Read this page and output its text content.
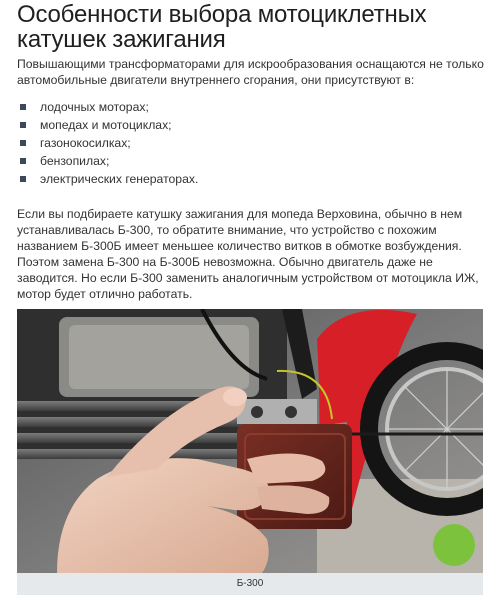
Особенности выбора мотоциклетных катушек зажигания

Повышающими трансформаторами для искрообразования оснащаются не только автомобильные двигатели внутреннего сгорания, они присутствуют в:

лодочных моторах;
мопедах и мотоциклах;
газонокосилках;
бензопилах;
электрических генераторах.

Если вы подбираете катушку зажигания для мопеда Верховина, обычно в нем устанавливалась Б-300, то обратите внимание, что устройство с похожим названием Б-300Б имеет меньшее количество витков в обмотке возбуждения. Поэтом замена Б-300 на Б-300Б невозможна. Обычно двигатель даже не заводится. Но если Б-300 заменить аналогичным устройством от мотоцикла ИЖ, мотор будет отлично работать.

Б-300
